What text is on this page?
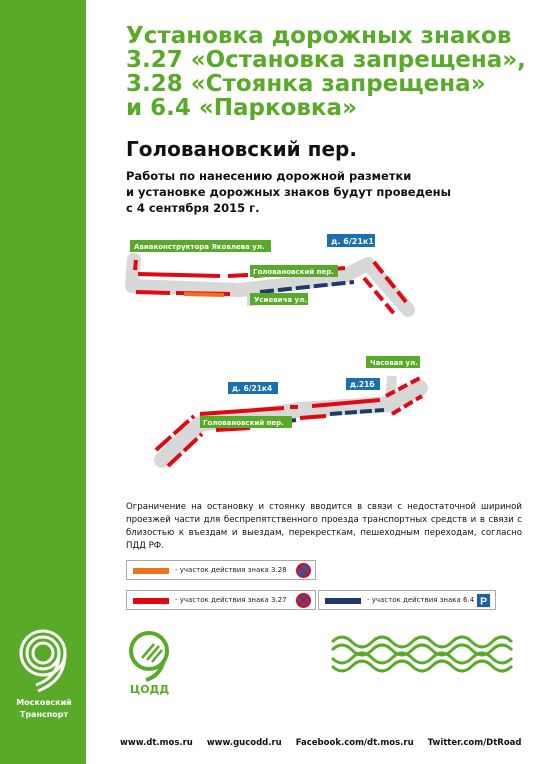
Московский
Транспорт
Установка дорожных знаков
3.27 «Остановка запрещена»,
3.28 «Стоянка запрещена»
и 6.4 «Парковка»
Головановский пер.
Работы по нанесению дорожной разметки
и установке дорожных знаков будут проведены
с 4 сентября 2015 г.
Авиаконструктора Яковлева ул.
Головановский пер.
д. 6/21к1
Усиевича ул.
д. 6/21к4	д.21б
Часовая ул.
Головановский пер.
Ограничение на остановку и стоянку вводится в связи с недостаточной шириной проезжей части для беспрепятственного проезда транспортных средств и в связи с близостью к въездам и выездам, перекресткам, пешеходным переходам, согласно ПДД РФ.
- участок действия знака 3.28
- участок действия знака 3.27	- участок действия знака 6.4 P
ЦОДД
www.dt.mos.ru www.gucodd.ru Facebook.com/dt.mos.ru Twitter.com/DtRoad
